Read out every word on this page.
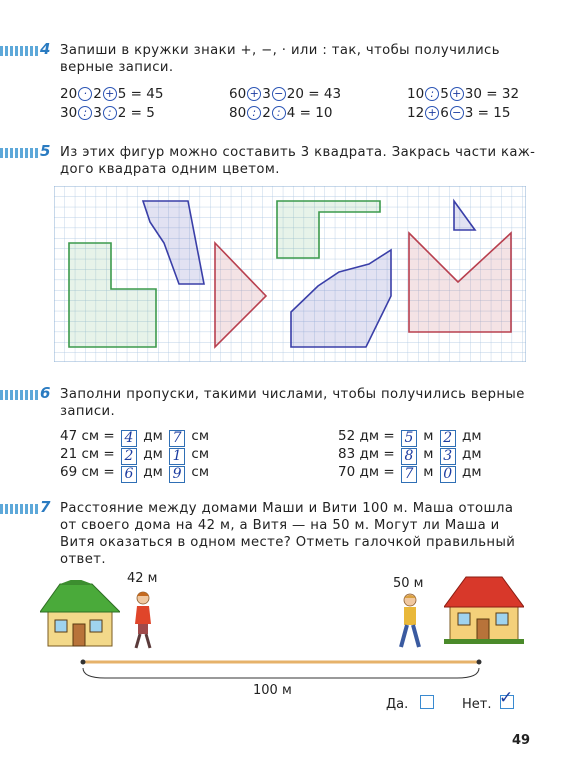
4 Запиши в кружки знаки +, −, · или : так, чтобы получились
верные записи.
20 · 2 + 5 = 45
30 : 3 : 2 = 5
60 + 3 − 20 = 43
80 : 2 : 4 = 10
10 : 5 + 30 = 32
12 + 6 − 3 = 15
5 Из этих фигур можно составить 3 квадрата. Закрась части каж-
дого квадрата одним цветом.
6 Заполни пропуски, такими числами, чтобы получились верные
записи.
47 см = 4 дм 7 см
21 см = 2 дм 1 см
69 см = 6 дм 9 см
52 дм = 5 м 2 дм
83 дм = 8 м 3 дм
70 дм = 7 м 0 дм
7 Расстояние между домами Маши и Вити 100 м. Маша отошла
от своего дома на 42 м, а Витя — на 50 м. Могут ли Маша и
Витя оказаться в одном месте? Отметь галочкой правильный
ответ.
42 м	50 м
100 м
Да.	Нет. ✓
49
